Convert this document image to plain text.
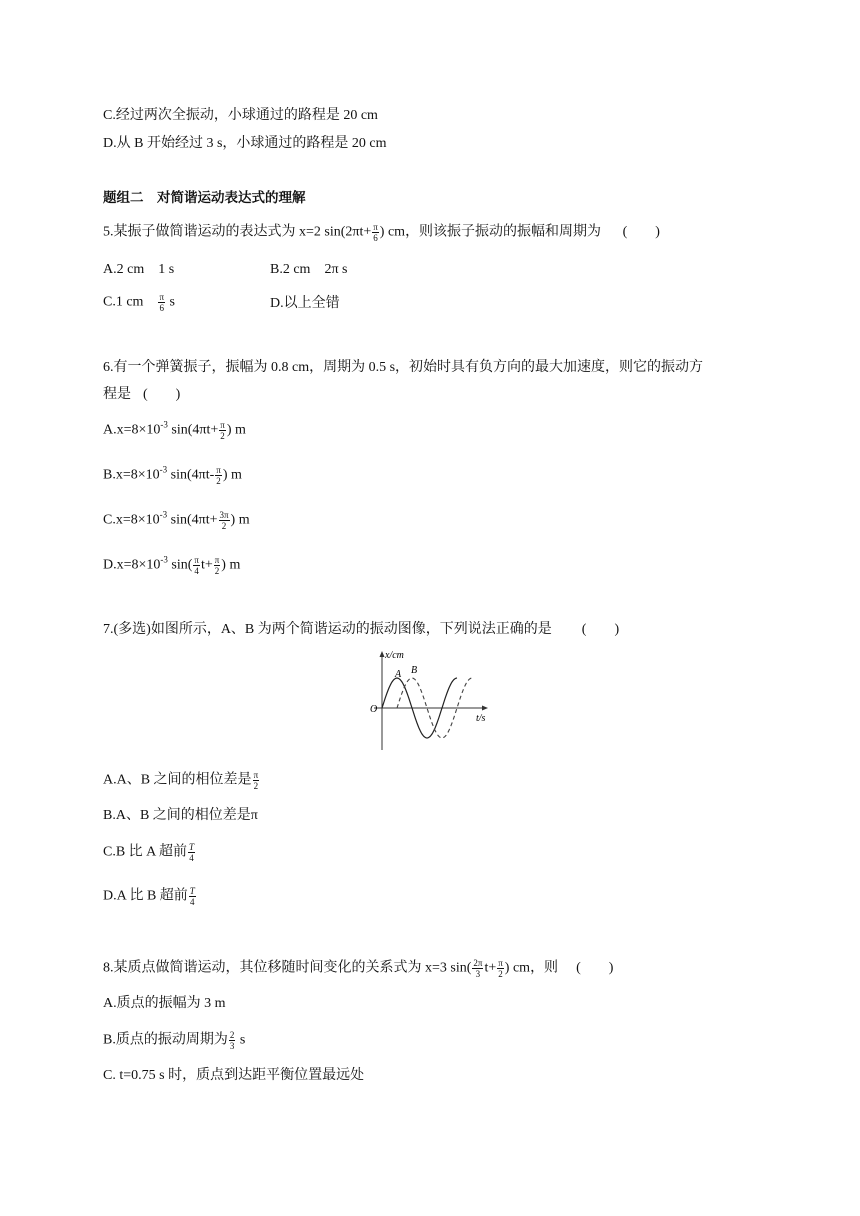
C.经过两次全振动，小球通过的路程是 20 cm
D.从 B 开始经过 3 s，小球通过的路程是 20 cm
题组二　对简谐运动表达式的理解
5.某振子做简谐运动的表达式为 x=2 $\sin(2\pi t+ \frac{\pi}{6}$ ) cm，则该振子振动的振幅和周期为 (　　)
A.2 cm　1 s	B.2 cm　2π s
C.1 cm　 $\frac{\pi}{6}$ s	D.以上全错
6.有一个弹簧振子，振幅为 0.8 cm，周期为 0.5 s，初始时具有负方向的最大加速度，则它的振动方
程是 (　　)
$A.x=8\times 10^{-3}$ $\sin(4\pi t+ \frac{\pi}{2}$ ) m
$B.x=8\times 10^{-3}$ $\sin(4\pi t- \frac{\pi}{2}$ ) m
$C.x=8\times 10^{-3}$ $\sin(4\pi t+ \frac{3\pi}{2}$ ) m
$D.x=8\times 10^{-3}$ $\sin( \frac{\pi}{4} t+ \frac{\pi}{2}$ ) m
7.(多选)如图所示，A、B 为两个简谐运动的振动图像，下列说法正确的是 (　　)
x/cm
t/s
O
A B
A.A、B 之间的相位差是 $\frac{\pi}{2}$
B.A、B 之间的相位差是π
C.B 比 A 超前 $\frac{T}{4}$
D.A 比 B 超前 $\frac{T}{4}$
8.某质点做简谐运动，其位移随时间变化的关系式为 x=3 $\sin( \frac{2\pi}{3} t+ \frac{\pi}{2}$ ) cm，则 (　　)
A.质点的振幅为 3 m
B.质点的振动周期为 $\frac{2}{3}$ s
C. t=0.75 s 时，质点到达距平衡位置最远处
